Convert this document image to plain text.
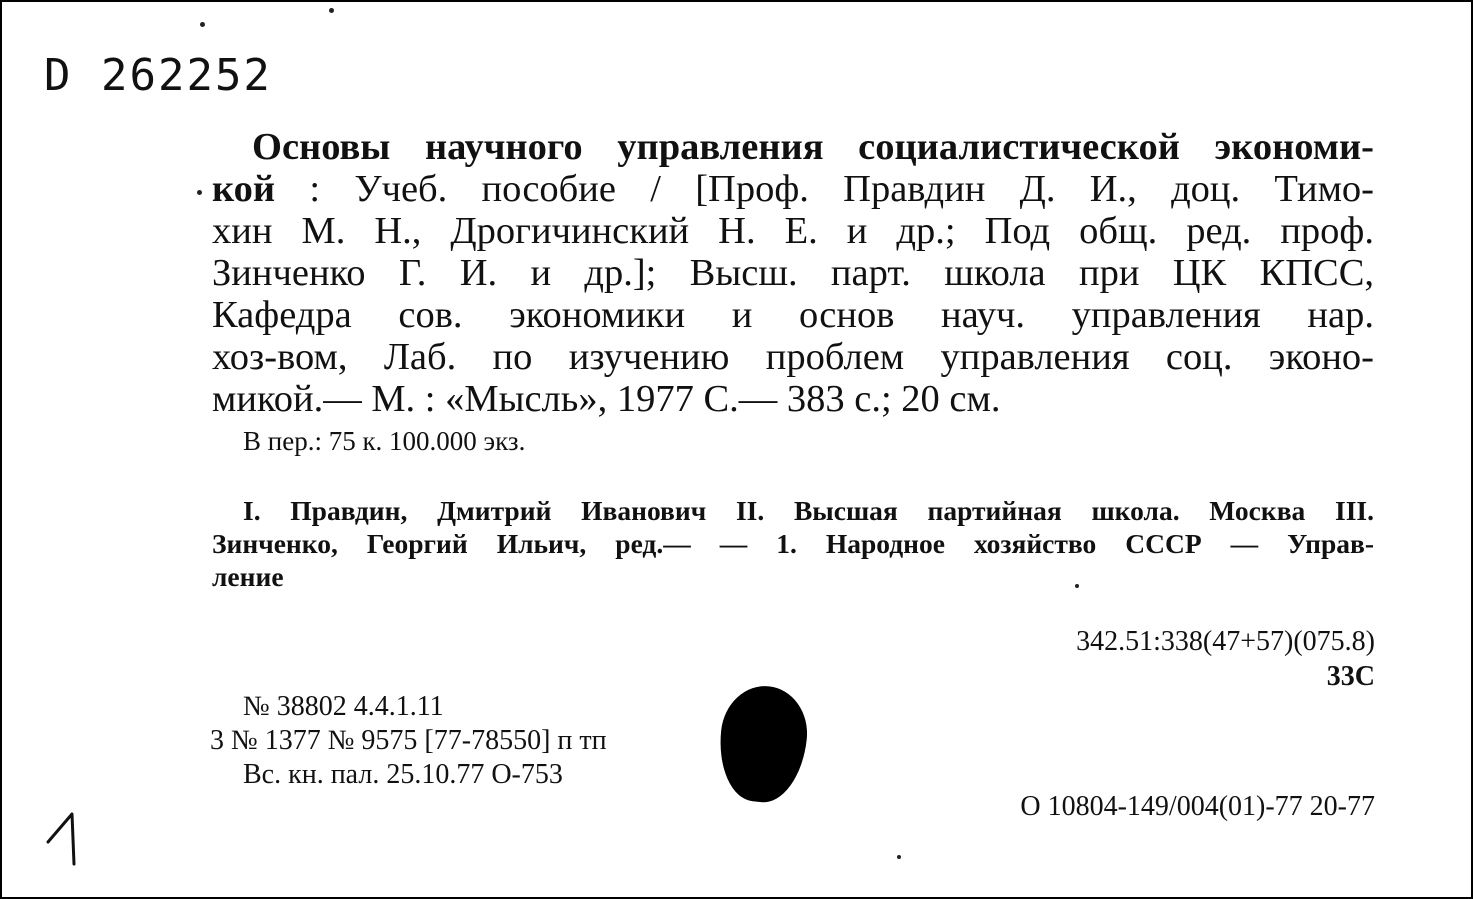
D 262252
Основы научного управления социалистической экономи-
кой : Учеб. пособие / [Проф. Правдин Д. И., доц. Тимо-
хин М. Н., Дрогичинский Н. Е. и др.; Под общ. ред. проф.
Зинченко Г. И. и др.]; Высш. парт. школа при ЦК КПСС,
Кафедра сов. экономики и основ науч. управления нар.
хоз-вом, Лаб. по изучению проблем управления соц. эконо-
микой.— М. : «Мысль», 1977 С.— 383 с.; 20 см.
В пер.: 75 к. 100.000 экз.
I. Правдин, Дмитрий Иванович II. Высшая партийная школа. Москва III.
Зинченко, Георгий Ильич, ред.— — 1. Народное хозяйство СССР — Управ-
ление
342.51:338(47+57)(075.8)
33С
№ 38802 4.4.1.11
3 № 1377 № 9575 [77-78550] п тп
Вс. кн. пал. 25.10.77 О-753
О 10804-149/004(01)-77 20-77
